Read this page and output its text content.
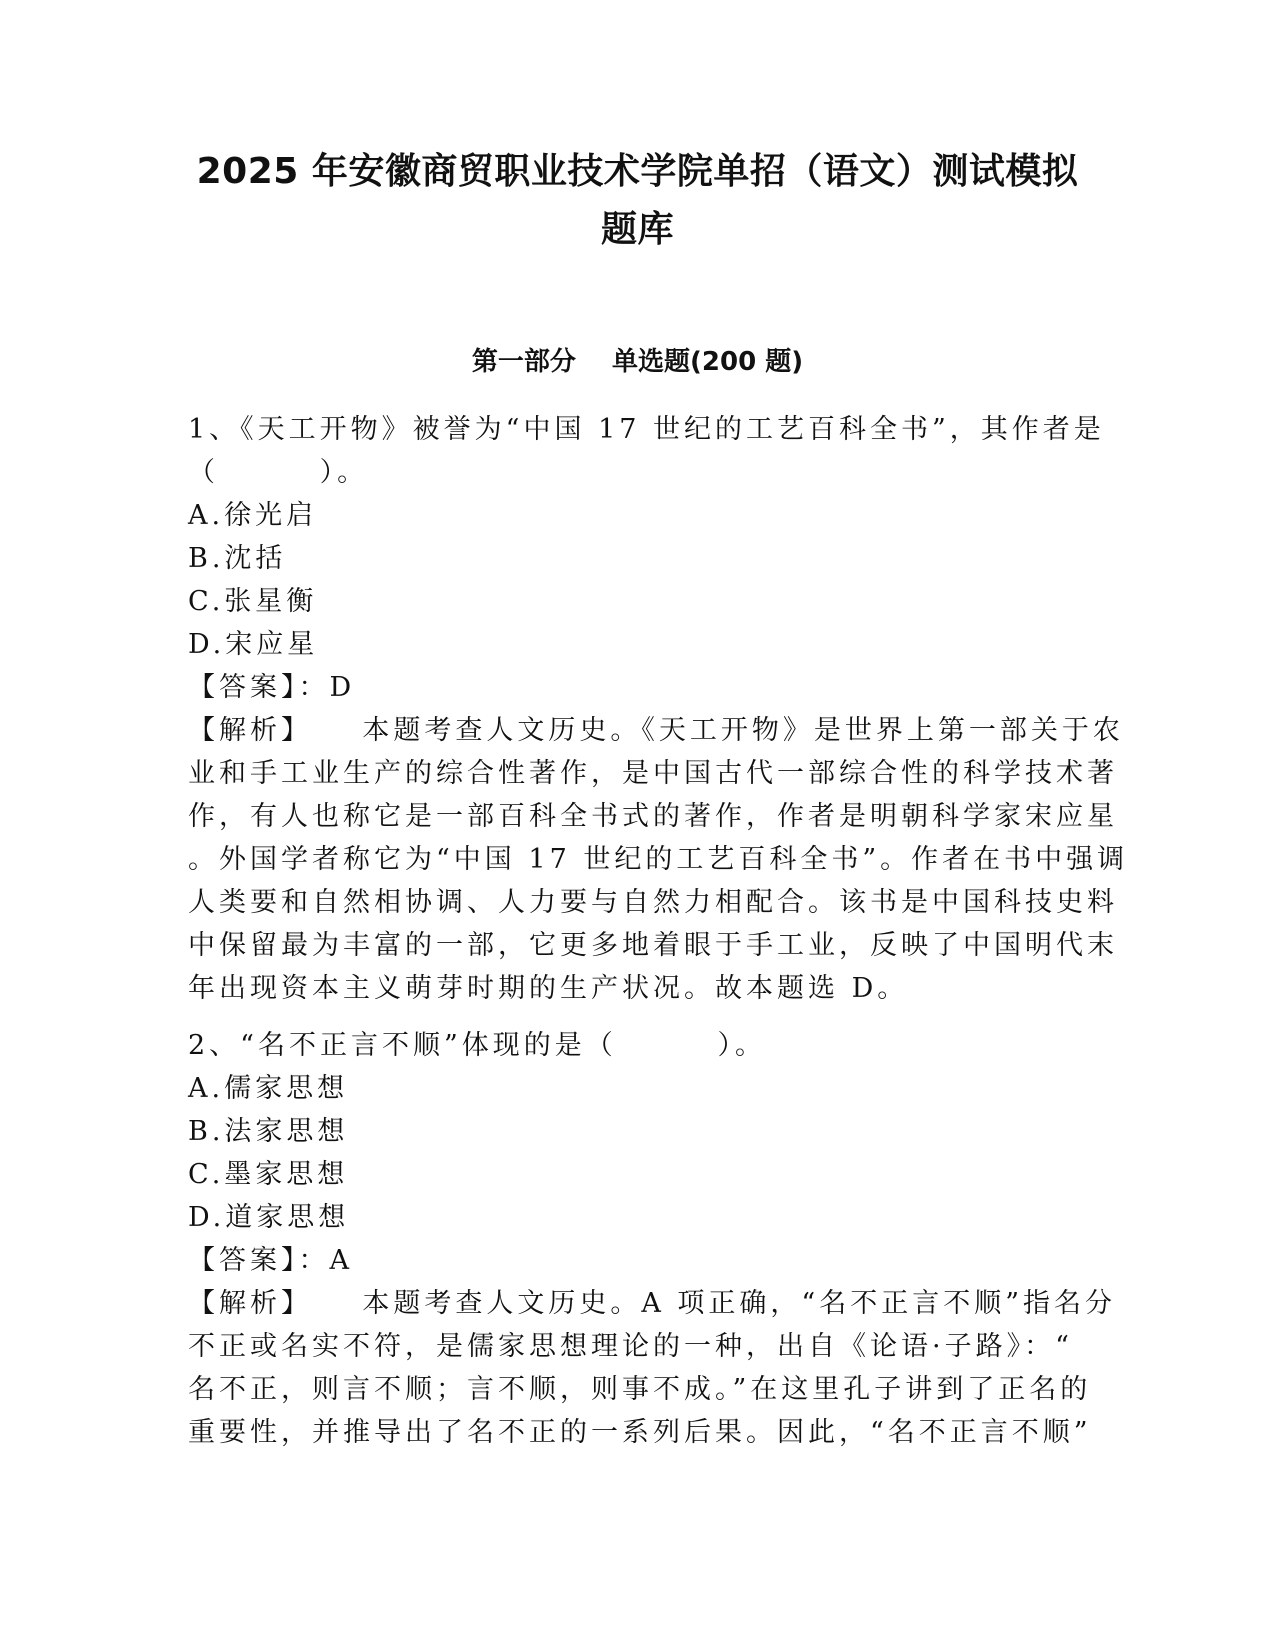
2025 年安徽商贸职业技术学院单招（语文）测试模拟
题库
第一部分    单选题(200 题)
1、《天工开物》被誉为“中国 17 世纪的工艺百科全书”，其作者是
（        ）。
A.徐光启
B.沈括
C.张星衡
D.宋应星
【答案】：D
【解析】    本题考查人文历史。《天工开物》是世界上第一部关于农
业和手工业生产的综合性著作，是中国古代一部综合性的科学技术著
作，有人也称它是一部百科全书式的著作，作者是明朝科学家宋应星
。外国学者称它为“中国 17 世纪的工艺百科全书”。作者在书中强调
人类要和自然相协调、人力要与自然力相配合。该书是中国科技史料
中保留最为丰富的一部，它更多地着眼于手工业，反映了中国明代末
年出现资本主义萌芽时期的生产状况。故本题选 D。
2、“名不正言不顺”体现的是（        ）。
A.儒家思想
B.法家思想
C.墨家思想
D.道家思想
【答案】：A
【解析】    本题考查人文历史。A 项正确，“名不正言不顺”指名分
不正或名实不符，是儒家思想理论的一种，出自《论语·子路》：“
名不正，则言不顺；言不顺，则事不成。”在这里孔子讲到了正名的
重要性，并推导出了名不正的一系列后果。因此，“名不正言不顺”
